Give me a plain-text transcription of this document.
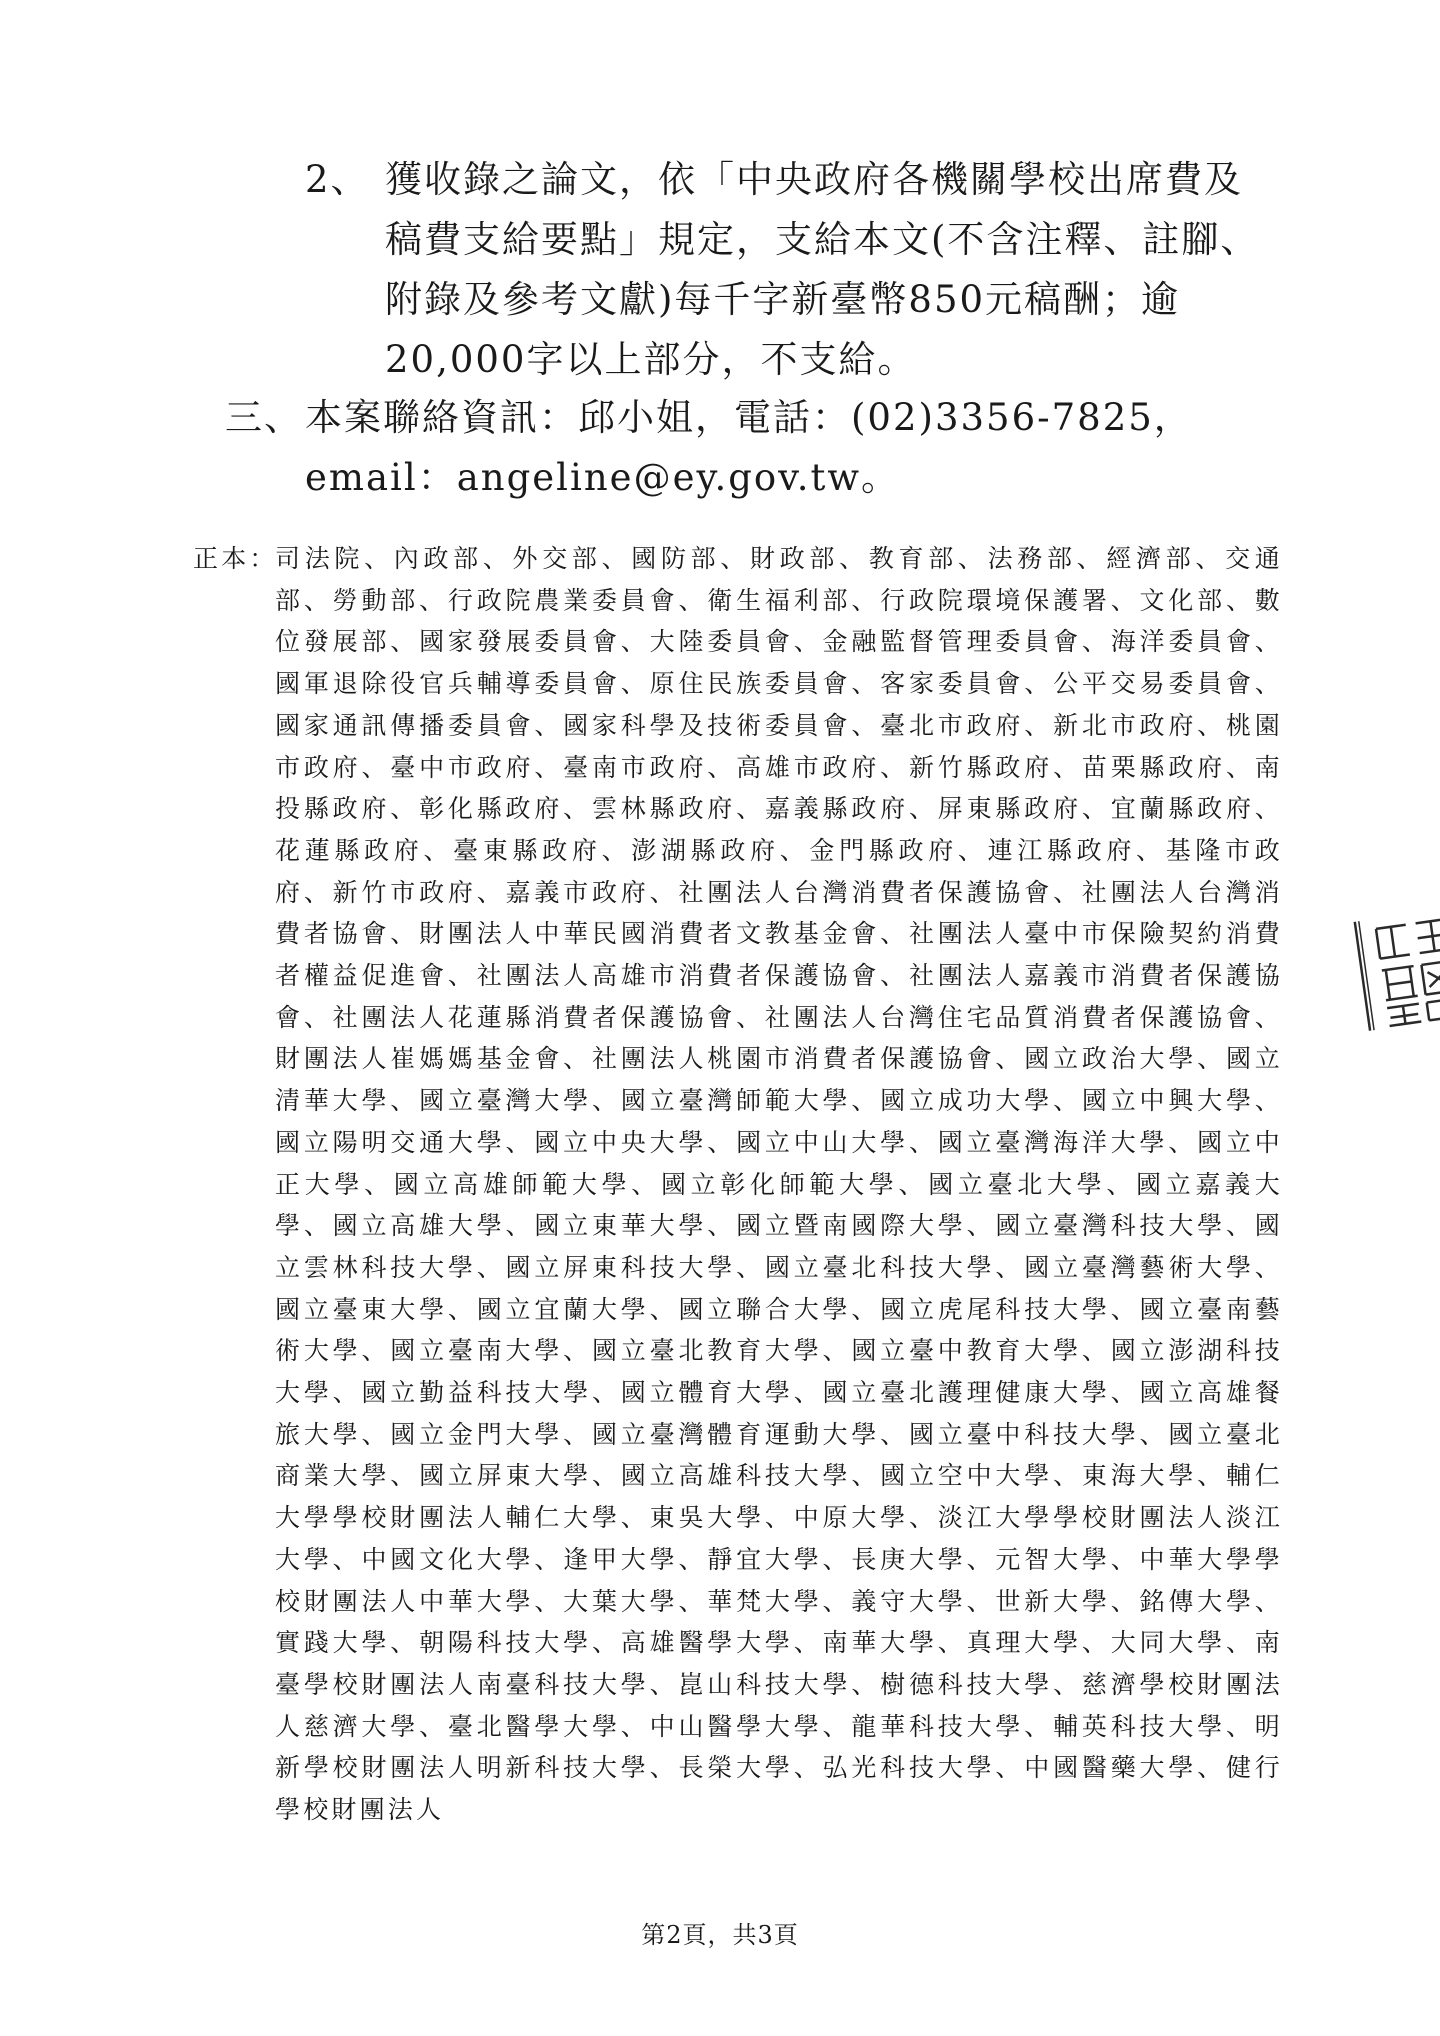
2、 獲收錄之論文，依「中央政府各機關學校出席費及稿費支給要點」規定，支給本文(不含注釋、註腳、附錄及參考文獻)每千字新臺幣850元稿酬；逾20,000字以上部分，不支給。
三、 本案聯絡資訊：邱小姐，電話：(02)3356-7825，email：angeline@ey.gov.tw。
正本：
司法院、內政部、外交部、國防部、財政部、教育部、法務部、經濟部、交通部、勞動部、行政院農業委員會、衛生福利部、行政院環境保護署、文化部、數位發展部、國家發展委員會、大陸委員會、金融監督管理委員會、海洋委員會、國軍退除役官兵輔導委員會、原住民族委員會、客家委員會、公平交易委員會、國家通訊傳播委員會、國家科學及技術委員會、臺北市政府、新北市政府、桃園市政府、臺中市政府、臺南市政府、高雄市政府、新竹縣政府、苗栗縣政府、南投縣政府、彰化縣政府、雲林縣政府、嘉義縣政府、屏東縣政府、宜蘭縣政府、花蓮縣政府、臺東縣政府、澎湖縣政府、金門縣政府、連江縣政府、基隆市政府、新竹市政府、嘉義市政府、社團法人台灣消費者保護協會、社團法人台灣消費者協會、財團法人中華民國消費者文教基金會、社團法人臺中市保險契約消費者權益促進會、社團法人高雄市消費者保護協會、社團法人嘉義市消費者保護協會、社團法人花蓮縣消費者保護協會、社團法人台灣住宅品質消費者保護協會、財團法人崔媽媽基金會、社團法人桃園市消費者保護協會、國立政治大學、國立清華大學、國立臺灣大學、國立臺灣師範大學、國立成功大學、國立中興大學、國立陽明交通大學、國立中央大學、國立中山大學、國立臺灣海洋大學、國立中正大學、國立高雄師範大學、國立彰化師範大學、國立臺北大學、國立嘉義大學、國立高雄大學、國立東華大學、國立暨南國際大學、國立臺灣科技大學、國立雲林科技大學、國立屏東科技大學、國立臺北科技大學、國立臺灣藝術大學、國立臺東大學、國立宜蘭大學、國立聯合大學、國立虎尾科技大學、國立臺南藝術大學、國立臺南大學、國立臺北教育大學、國立臺中教育大學、國立澎湖科技大學、國立勤益科技大學、國立體育大學、國立臺北護理健康大學、國立高雄餐旅大學、國立金門大學、國立臺灣體育運動大學、國立臺中科技大學、國立臺北商業大學、國立屏東大學、國立高雄科技大學、國立空中大學、東海大學、輔仁大學學校財團法人輔仁大學、東吳大學、中原大學、淡江大學學校財團法人淡江大學、中國文化大學、逢甲大學、靜宜大學、長庚大學、元智大學、中華大學學校財團法人中華大學、大葉大學、華梵大學、義守大學、世新大學、銘傳大學、實踐大學、朝陽科技大學、高雄醫學大學、南華大學、真理大學、大同大學、南臺學校財團法人南臺科技大學、崑山科技大學、樹德科技大學、慈濟學校財團法人慈濟大學、臺北醫學大學、中山醫學大學、龍華科技大學、輔英科技大學、明新學校財團法人明新科技大學、長榮大學、弘光科技大學、中國醫藥大學、健行學校財團法人
第2頁，共3頁
